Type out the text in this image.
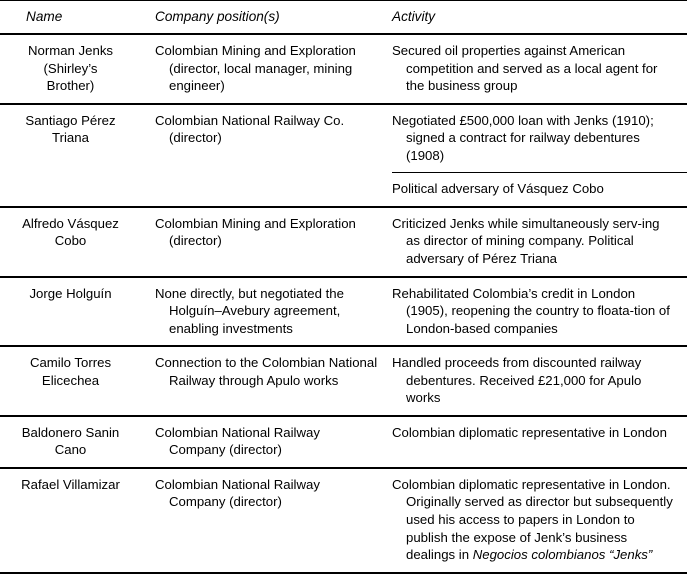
Name	Company position(s)	Activity

Norman Jenks
(Shirley’s
Brother)	Colombian Mining and Exploration (director, local manager, mining engineer)	Secured oil properties against American competition and served as a local agent for the business group

Santiago Pérez
Triana	Colombian National Railway Co. (director)	Negotiated £500,000 loan with Jenks (1910); signed a contract for railway debentures (1908)
		Political adversary of Vásquez Cobo

Alfredo Vásquez
Cobo	Colombian Mining and Exploration (director)	Criticized Jenks while simultaneously serv-ing as director of mining company. Political adversary of Pérez Triana

Jorge Holguín	None directly, but negotiated the Holguín–Avebury agreement, enabling investments	Rehabilitated Colombia’s credit in London (1905), reopening the country to floata-tion of London-based companies

Camilo Torres
Elicechea	Connection to the Colombian National Railway through Apulo works	Handled proceeds from discounted railway debentures. Received £21,000 for Apulo works

Baldonero Sanin
Cano	Colombian National Railway Company (director)	Colombian diplomatic representative in London

Rafael Villamizar	Colombian National Railway Company (director)	Colombian diplomatic representative in London. Originally served as director but subsequently used his access to papers in London to publish the expose of Jenk’s business dealings in Negocios colombianos “Jenks”
